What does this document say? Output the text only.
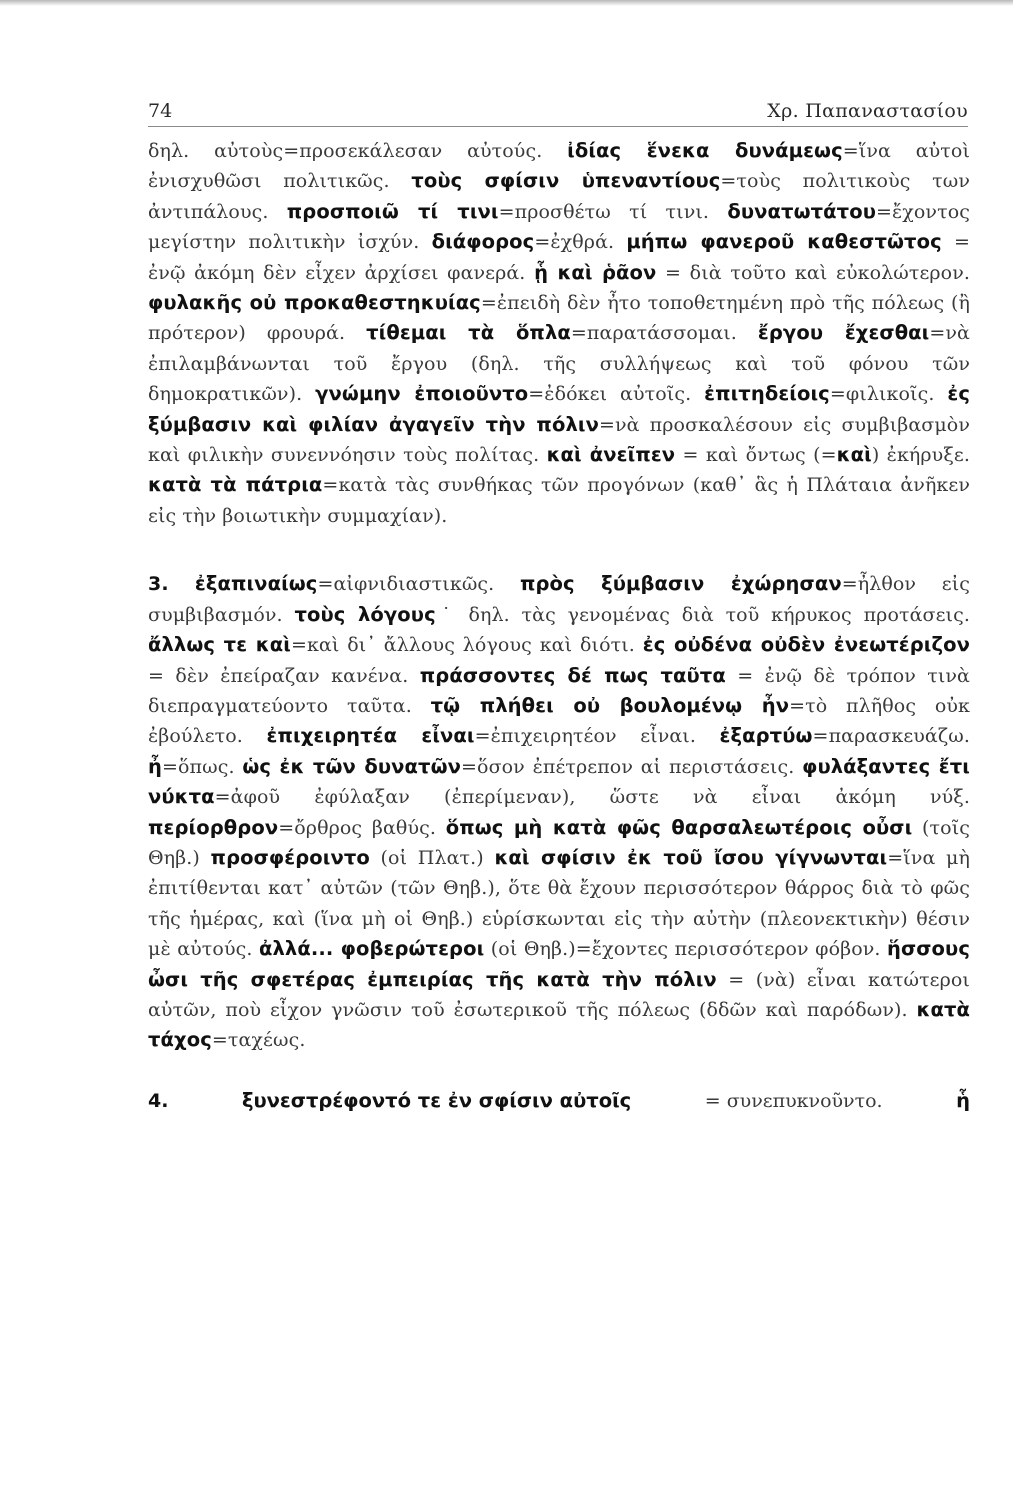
74	Χρ. Παπαναστασίου

δηλ. αὐτοὺς=προσεκάλεσαν αὐτούς. ἰδίας ἕνεκα δυνάμεως=ἵνα αὐτοὶ ἐνισχυθῶσι πολιτικῶς. τοὺς σφίσιν ὑπεναντίους=τοὺς πολιτικοὺς των ἀντιπάλους. προσποιῶ τί τινι=προσθέτω τί τινι. δυνατωτάτου=ἔχοντος μεγίστην πολιτικὴν ἰσχύν. διάφορος=ἐχθρά. μήπω φανεροῦ καθεστῶτος = ἐνῷ ἀκόμη δὲν εἶχεν ἀρχίσει φανερά. ᾗ καὶ ῥᾶον = διὰ τοῦτο καὶ εὐκολώτερον. φυλακῆς οὐ προκαθεστηκυίας=ἐπειδὴ δὲν ἦτο τοποθετημένη πρὸ τῆς πόλεως (ἢ πρότερον) φρουρά. τίθεμαι τὰ ὅπλα=παρατάσσομαι. ἔργου ἔχεσθαι=νὰ ἐπιλαμβάνωνται τοῦ ἔργου (δηλ. τῆς συλλήψεως καὶ τοῦ φόνου τῶν δημοκρατικῶν). γνώμην ἐποιοῦντο=ἐδόκει αὐτοῖς. ἐπιτηδείοις=φιλικοῖς. ἐς ξύμβασιν καὶ φιλίαν ἀγαγεῖν τὴν πόλιν=νὰ προσκαλέσουν εἰς συμβιβασμὸν καὶ φιλικὴν συνεννόησιν τοὺς πολίτας. καὶ ἀνεῖπεν = καὶ ὄντως (=καὶ) ἐκήρυξε. κατὰ τὰ πάτρια=κατὰ τὰς συνθήκας τῶν προγόνων (καθ᾽ ἃς ἡ Πλάταια ἀνῆκεν εἰς τὴν βοιωτικὴν συμμαχίαν).

3. ἐξαπιναίως=αἰφνιδιαστικῶς. πρὸς ξύμβασιν ἐχώρησαν=ἦλθον εἰς συμβιβασμόν. τοὺς λόγους˙ δηλ. τὰς γενομένας διὰ τοῦ κήρυκος προτάσεις. ἄλλως τε καὶ=καὶ δι᾽ ἄλλους λόγους καὶ διότι. ἐς οὐδένα οὐδὲν ἐνεωτέριζον = δὲν ἐπείραζαν κανένα. πράσσοντες δέ πως ταῦτα = ἐνῷ δὲ τρόπον τινὰ διεπραγματεύοντο ταῦτα. τῷ πλήθει οὐ βουλομένῳ ἦν=τὸ πλῆθος οὐκ ἐβούλετο. ἐπιχειρητέα εἶναι=ἐπιχειρητέον εἶναι. ἐξαρτύω=παρασκευάζω. ἦ=ὅπως. ὡς ἐκ τῶν δυνατῶν=ὅσον ἐπέτρεπον αἱ περιστάσεις. φυλάξαντες ἔτι νύκτα=ἀφοῦ ἐφύλαξαν (ἐπερίμεναν), ὥστε νὰ εἶναι ἀκόμη νύξ. περίορθρον=ὄρθρος βαθύς. ὅπως μὴ κατὰ φῶς θαρσαλεωτέροις οὖσι (τοῖς Θηβ.) προσφέροιντο (οἱ Πλατ.) καὶ σφίσιν ἐκ τοῦ ἴσου γίγνωνται=ἵνα μὴ ἐπιτίθενται κατ᾽ αὐτῶν (τῶν Θηβ.), ὅτε θὰ ἔχουν περισσότερον θάρρος διὰ τὸ φῶς τῆς ἡμέρας, καὶ (ἵνα μὴ οἱ Θηβ.) εὑρίσκωνται εἰς τὴν αὐτὴν (πλεονεκτικὴν) θέσιν μὲ αὐτούς. ἀλλά... φοβερώτεροι (οἱ Θηβ.)=ἔχοντες περισσότερον φόβον. ἥσσους ὦσι τῆς σφετέρας ἐμπειρίας τῆς κατὰ τὴν πόλιν = (νὰ) εἶναι κατώτεροι αὐτῶν, ποὺ εἶχον γνῶσιν τοῦ ἐσωτερικοῦ τῆς πόλεως (δδῶν καὶ παρόδων). κατὰ τάχος=ταχέως.

4.	ξυνεστρέφοντό τε ἐν σφίσιν αὐτοῖς	= συνεπυκνοῦντο.	ἧ
